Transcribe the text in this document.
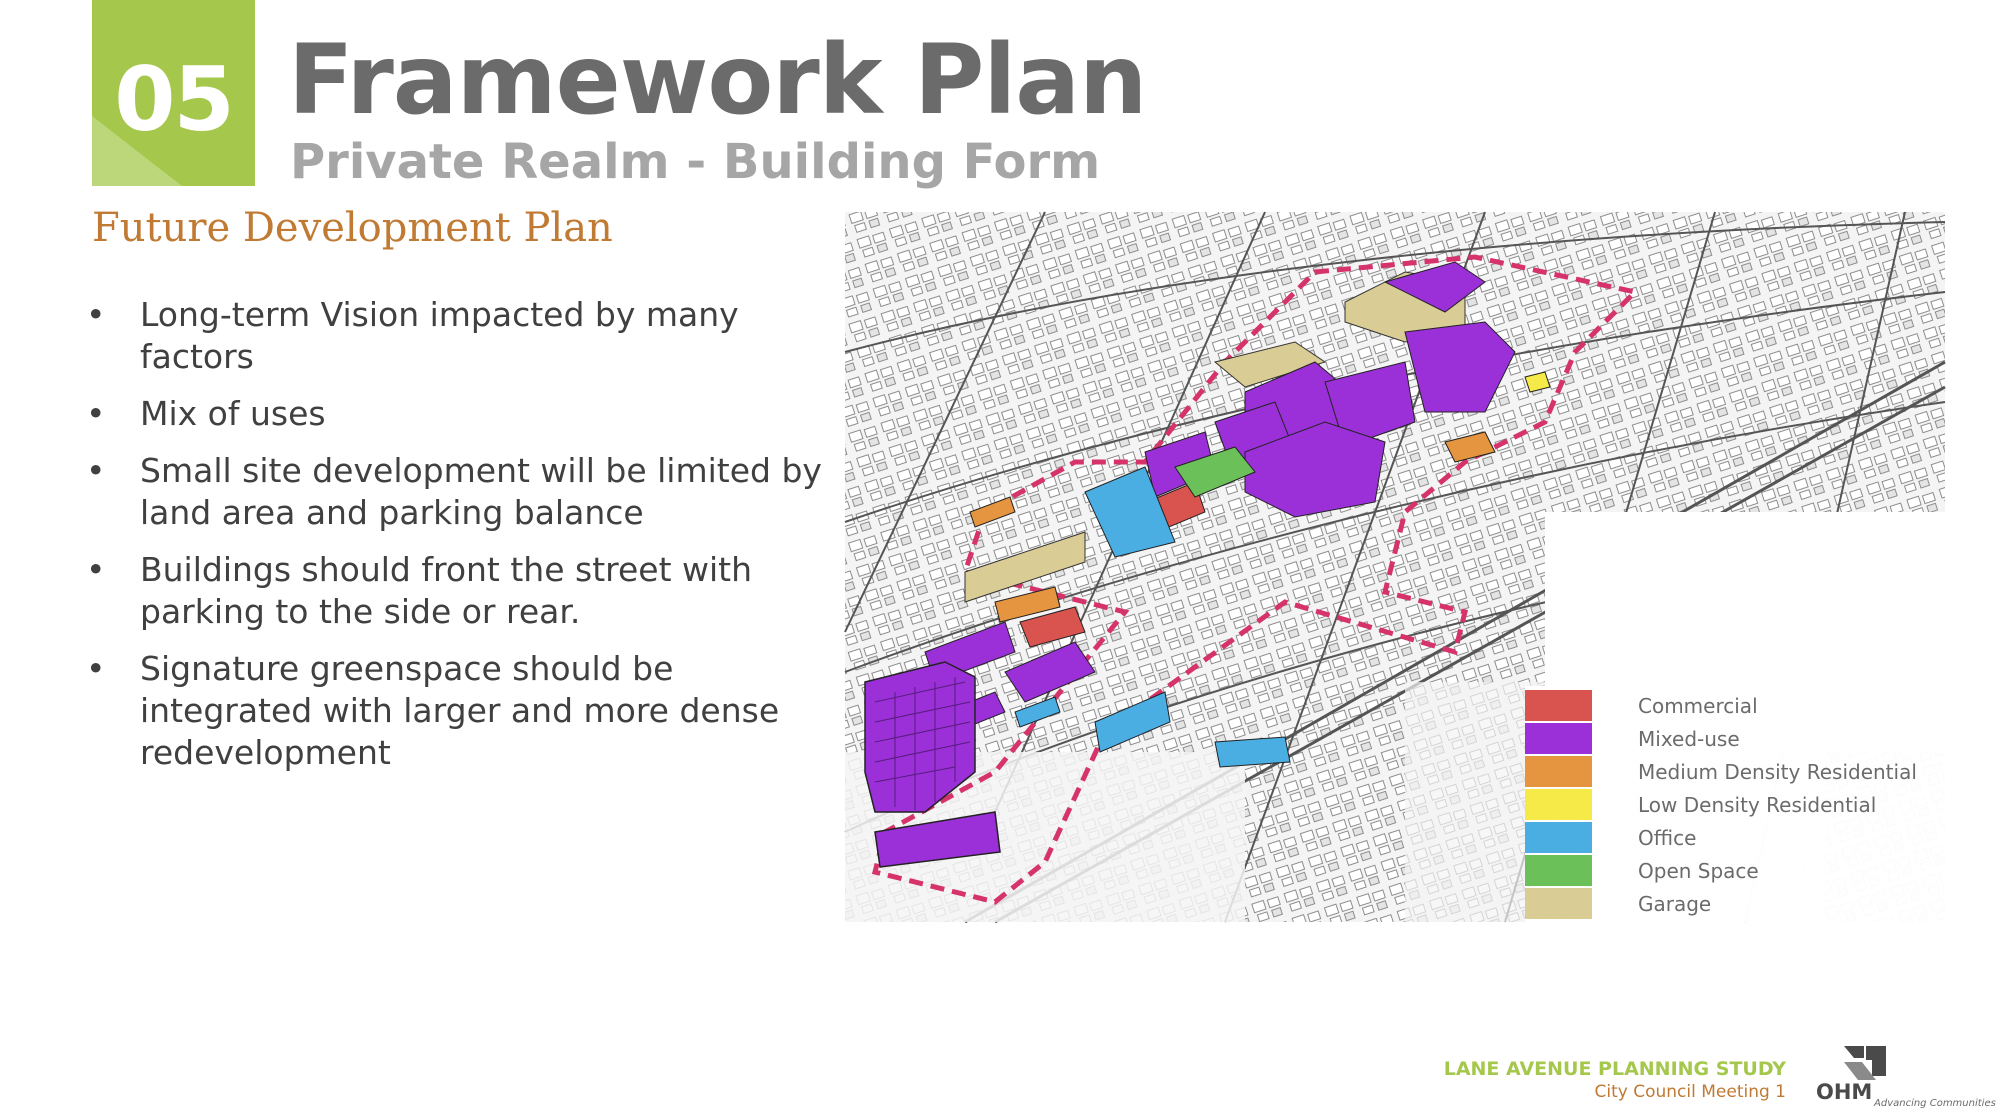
05 Framework Plan
Private Realm - Building Form
Future Development Plan
• Long-term Vision impacted by many factors
• Mix of uses
• Small site development will be limited by land area and parking balance
• Buildings should front the street with parking to the side or rear.
• Signature greenspace should be integrated with larger and more dense redevelopment
Commercial
Mixed-use
Medium Density Residential
Low Density Residential
Office
Open Space
Garage
LANE AVENUE PLANNING STUDY
City Council Meeting 1 OHM Advancing Communities
